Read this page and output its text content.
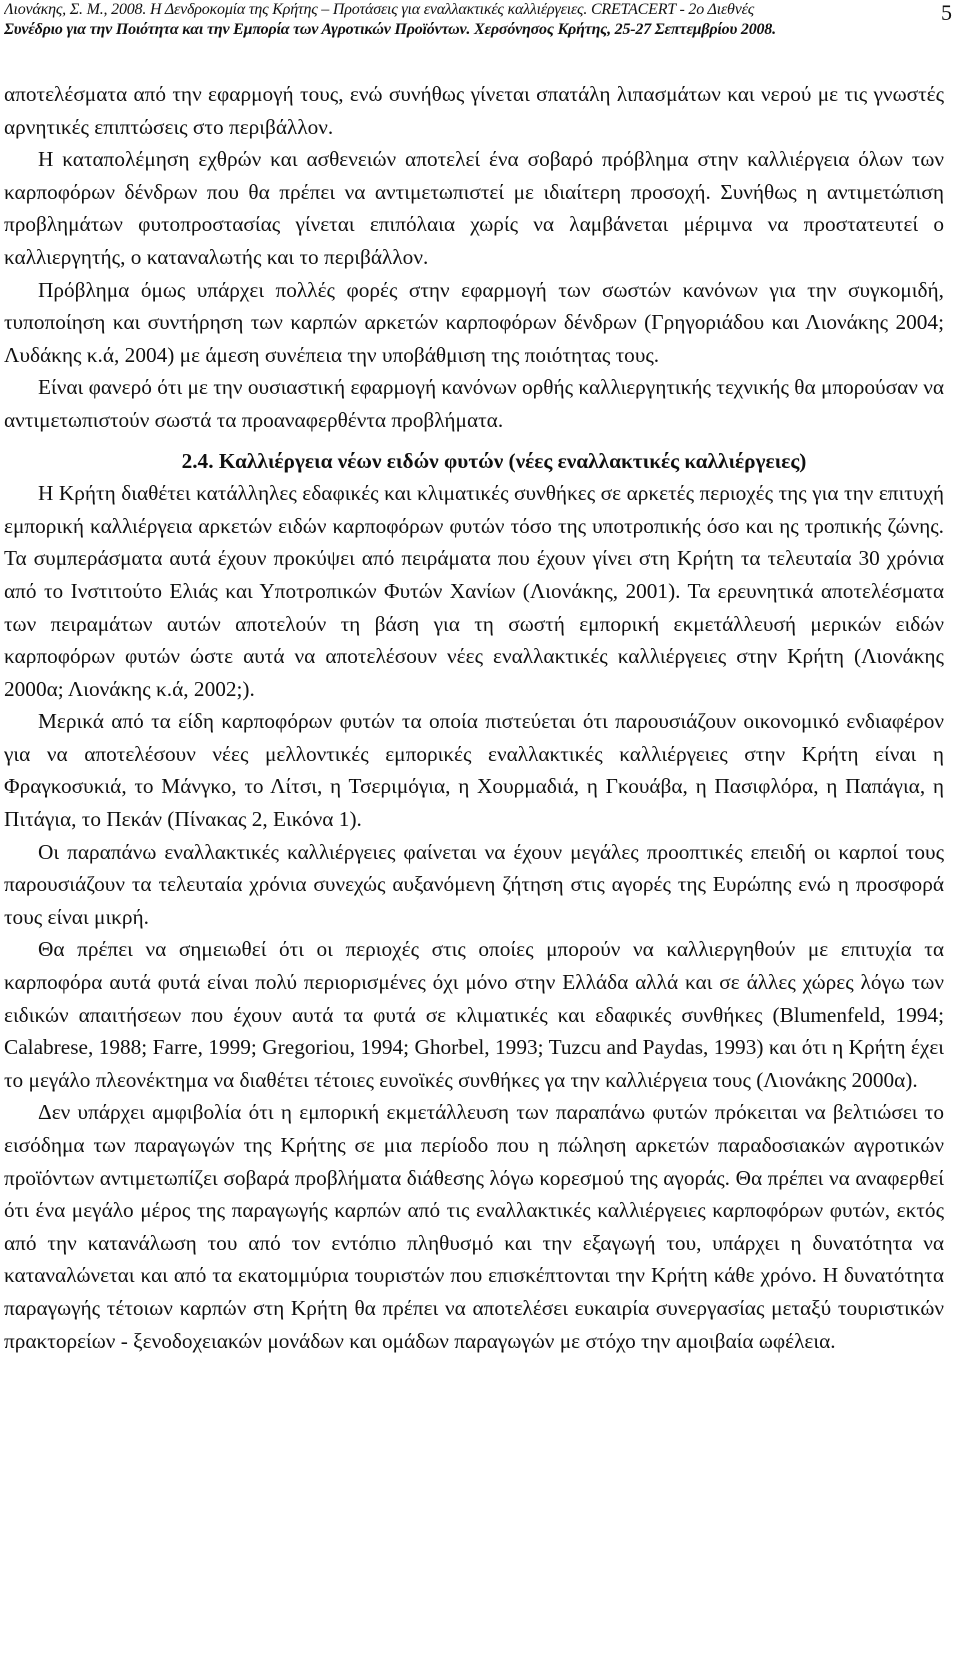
Λιονάκης, Σ. Μ., 2008. Η Δενδροκομία της Κρήτης – Προτάσεις για εναλλακτικές καλλιέργειες. CRETACERT - 2ο Διεθνές
Συνέδριο για την Ποιότητα και την Εμπορία των Αγροτικών Προϊόντων. Χερσόνησος Κρήτης, 25-27 Σεπτεμβρίου 2008.
5

αποτελέσματα από την εφαρμογή τους, ενώ συνήθως γίνεται σπατάλη λιπασμάτων και νερού με τις γνωστές αρνητικές επιπτώσεις στο περιβάλλον.

Η καταπολέμηση εχθρών και ασθενειών αποτελεί ένα σοβαρό πρόβλημα στην καλλιέργεια όλων των καρποφόρων δένδρων που θα πρέπει να αντιμετωπιστεί με ιδιαίτερη προσοχή. Συνήθως η αντιμετώπιση προβλημάτων φυτοπροστασίας γίνεται επιπόλαια χωρίς να λαμβάνεται μέριμνα να προστατευτεί ο καλλιεργητής, ο καταναλωτής και το περιβάλλον.

Πρόβλημα όμως υπάρχει πολλές φορές στην εφαρμογή των σωστών κανόνων για την συγκομιδή, τυποποίηση και συντήρηση των καρπών αρκετών καρποφόρων δένδρων (Γρηγοριάδου και Λιονάκης 2004; Λυδάκης κ.ά, 2004) με άμεση συνέπεια την υποβάθμιση της ποιότητας τους.

Είναι φανερό ότι με την ουσιαστική εφαρμογή κανόνων ορθής καλλιεργητικής τεχνικής θα μπορούσαν να αντιμετωπιστούν σωστά τα προαναφερθέντα προβλήματα.

2.4. Καλλιέργεια νέων ειδών φυτών (νέες εναλλακτικές καλλιέργειες)

Η Κρήτη διαθέτει κατάλληλες εδαφικές και κλιματικές συνθήκες σε αρκετές περιοχές της για την επιτυχή εμπορική καλλιέργεια αρκετών ειδών καρποφόρων φυτών τόσο της υποτροπικής όσο και ης τροπικής ζώνης. Τα συμπεράσματα αυτά έχουν προκύψει από πειράματα που έχουν γίνει στη Κρήτη τα τελευταία 30 χρόνια από το Ινστιτούτο Ελιάς και Υποτροπικών Φυτών Χανίων (Λιονάκης, 2001). Τα ερευνητικά αποτελέσματα των πειραμάτων αυτών αποτελούν τη βάση για τη σωστή εμπορική εκμετάλλευσή μερικών ειδών καρποφόρων φυτών ώστε αυτά να αποτελέσουν νέες εναλλακτικές καλλιέργειες στην Κρήτη (Λιονάκης 2000α; Λιονάκης κ.ά, 2002;).

Μερικά από τα είδη καρποφόρων φυτών τα οποία πιστεύεται ότι παρουσιάζουν οικονομικό ενδιαφέρον για να αποτελέσουν νέες μελλοντικές εμπορικές εναλλακτικές καλλιέργειες στην Κρήτη είναι η Φραγκοσυκιά, το Μάνγκο, το Λίτσι, η Τσεριμόγια, η Χουρμαδιά, η Γκουάβα, η Πασιφλόρα, η Παπάγια, η Πιτάγια, το Πεκάν (Πίνακας 2, Εικόνα 1).

Οι παραπάνω εναλλακτικές καλλιέργειες φαίνεται να έχουν μεγάλες προοπτικές επειδή οι καρποί τους παρουσιάζουν τα τελευταία χρόνια συνεχώς αυξανόμενη ζήτηση στις αγορές της Ευρώπης ενώ η προσφορά τους είναι μικρή.

Θα πρέπει να σημειωθεί ότι οι περιοχές στις οποίες μπορούν να καλλιεργηθούν με επιτυχία τα καρποφόρα αυτά φυτά είναι πολύ περιορισμένες όχι μόνο στην Ελλάδα αλλά και σε άλλες χώρες λόγω των ειδικών απαιτήσεων που έχουν αυτά τα φυτά σε κλιματικές και εδαφικές συνθήκες (Blumenfeld, 1994; Calabrese, 1988; Farre, 1999; Gregoriou, 1994; Ghorbel, 1993; Tuzcu and Paydas, 1993) και ότι η Κρήτη έχει το μεγάλο πλεονέκτημα να διαθέτει τέτοιες ευνοϊκές συνθήκες γα την καλλιέργεια τους (Λιονάκης 2000α).

Δεν υπάρχει αμφιβολία ότι η εμπορική εκμετάλλευση των παραπάνω φυτών πρόκειται να βελτιώσει το εισόδημα των παραγωγών της Κρήτης σε μια περίοδο που η πώληση αρκετών παραδοσιακών αγροτικών προϊόντων αντιμετωπίζει σοβαρά προβλήματα διάθεσης λόγω κορεσμού της αγοράς. Θα πρέπει να αναφερθεί ότι ένα μεγάλο μέρος της παραγωγής καρπών από τις εναλλακτικές καλλιέργειες καρποφόρων φυτών, εκτός από την κατανάλωση του από τον εντόπιο πληθυσμό και την εξαγωγή του, υπάρχει η δυνατότητα να καταναλώνεται και από τα εκατομμύρια τουριστών που επισκέπτονται την Κρήτη κάθε χρόνο. Η δυνατότητα παραγωγής τέτοιων καρπών στη Κρήτη θα πρέπει να αποτελέσει ευκαιρία συνεργασίας μεταξύ τουριστικών πρακτορείων - ξενοδοχειακών μονάδων και ομάδων παραγωγών με στόχο την αμοιβαία ωφέλεια.
